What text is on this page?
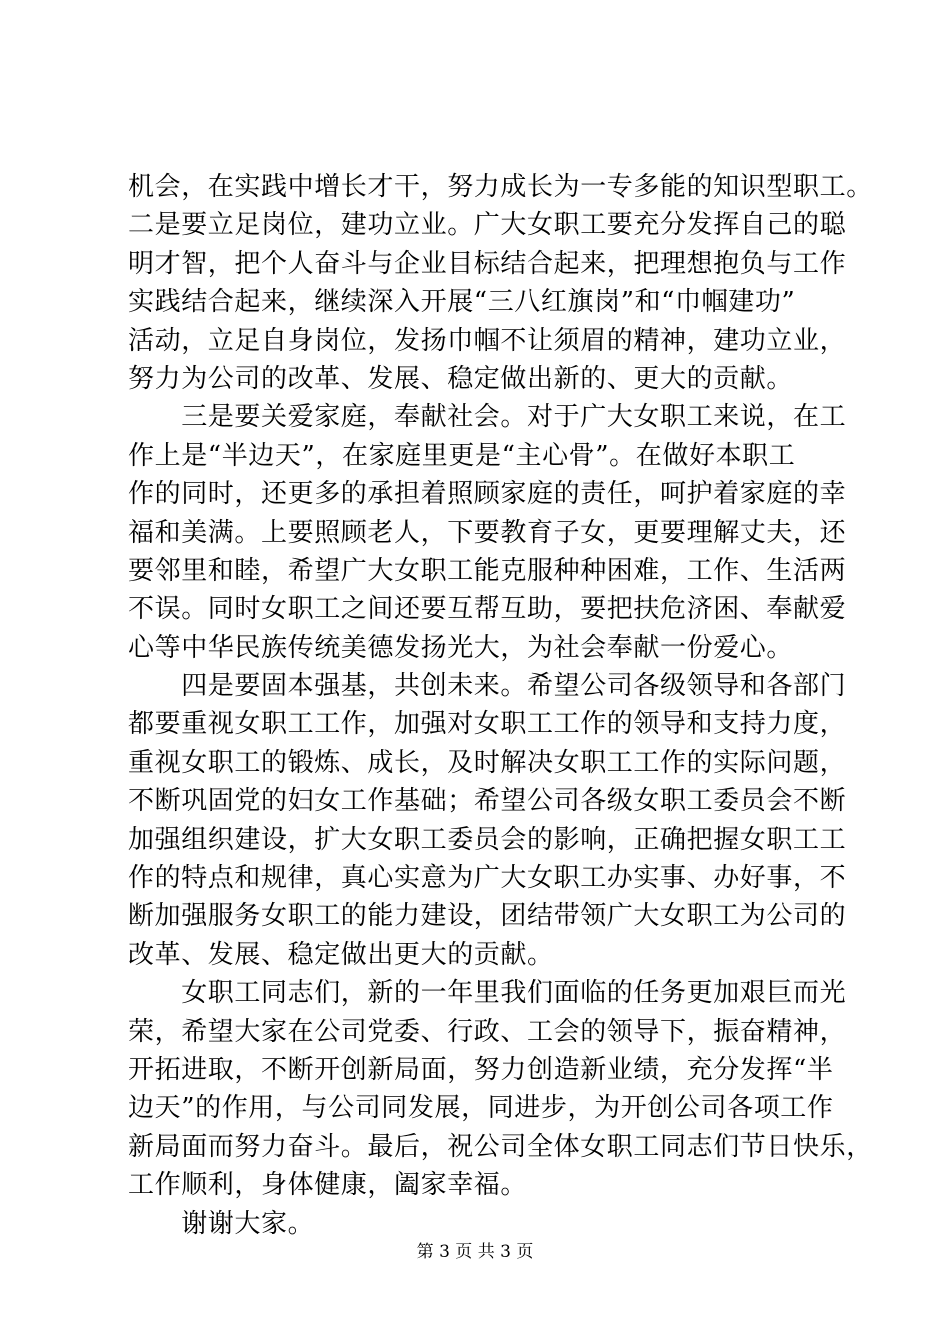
机会，在实践中增长才干，努力成长为一专多能的知识型职工。
二是要立足岗位，建功立业。广大女职工要充分发挥自己的聪
明才智，把个人奋斗与企业目标结合起来，把理想抱负与工作
实践结合起来，继续深入开展“三八红旗岗”和“巾帼建功”
活动，立足自身岗位，发扬巾帼不让须眉的精神，建功立业，
努力为公司的改革、发展、稳定做出新的、更大的贡献。
　　三是要关爱家庭，奉献社会。对于广大女职工来说，在工
作上是“半边天”，在家庭里更是“主心骨”。在做好本职工
作的同时，还更多的承担着照顾家庭的责任，呵护着家庭的幸
福和美满。上要照顾老人，下要教育子女，更要理解丈夫，还
要邻里和睦，希望广大女职工能克服种种困难，工作、生活两
不误。同时女职工之间还要互帮互助，要把扶危济困、奉献爱
心等中华民族传统美德发扬光大，为社会奉献一份爱心。
　　四是要固本强基，共创未来。希望公司各级领导和各部门
都要重视女职工工作，加强对女职工工作的领导和支持力度，
重视女职工的锻炼、成长，及时解决女职工工作的实际问题，
不断巩固党的妇女工作基础；希望公司各级女职工委员会不断
加强组织建设，扩大女职工委员会的影响，正确把握女职工工
作的特点和规律，真心实意为广大女职工办实事、办好事，不
断加强服务女职工的能力建设，团结带领广大女职工为公司的
改革、发展、稳定做出更大的贡献。
　　女职工同志们，新的一年里我们面临的任务更加艰巨而光
荣，希望大家在公司党委、行政、工会的领导下，振奋精神，
开拓进取，不断开创新局面，努力创造新业绩，充分发挥“半
边天”的作用，与公司同发展，同进步，为开创公司各项工作
新局面而努力奋斗。最后，祝公司全体女职工同志们节日快乐，
工作顺利，身体健康，阖家幸福。
　　谢谢大家。
第 3 页 共 3 页
